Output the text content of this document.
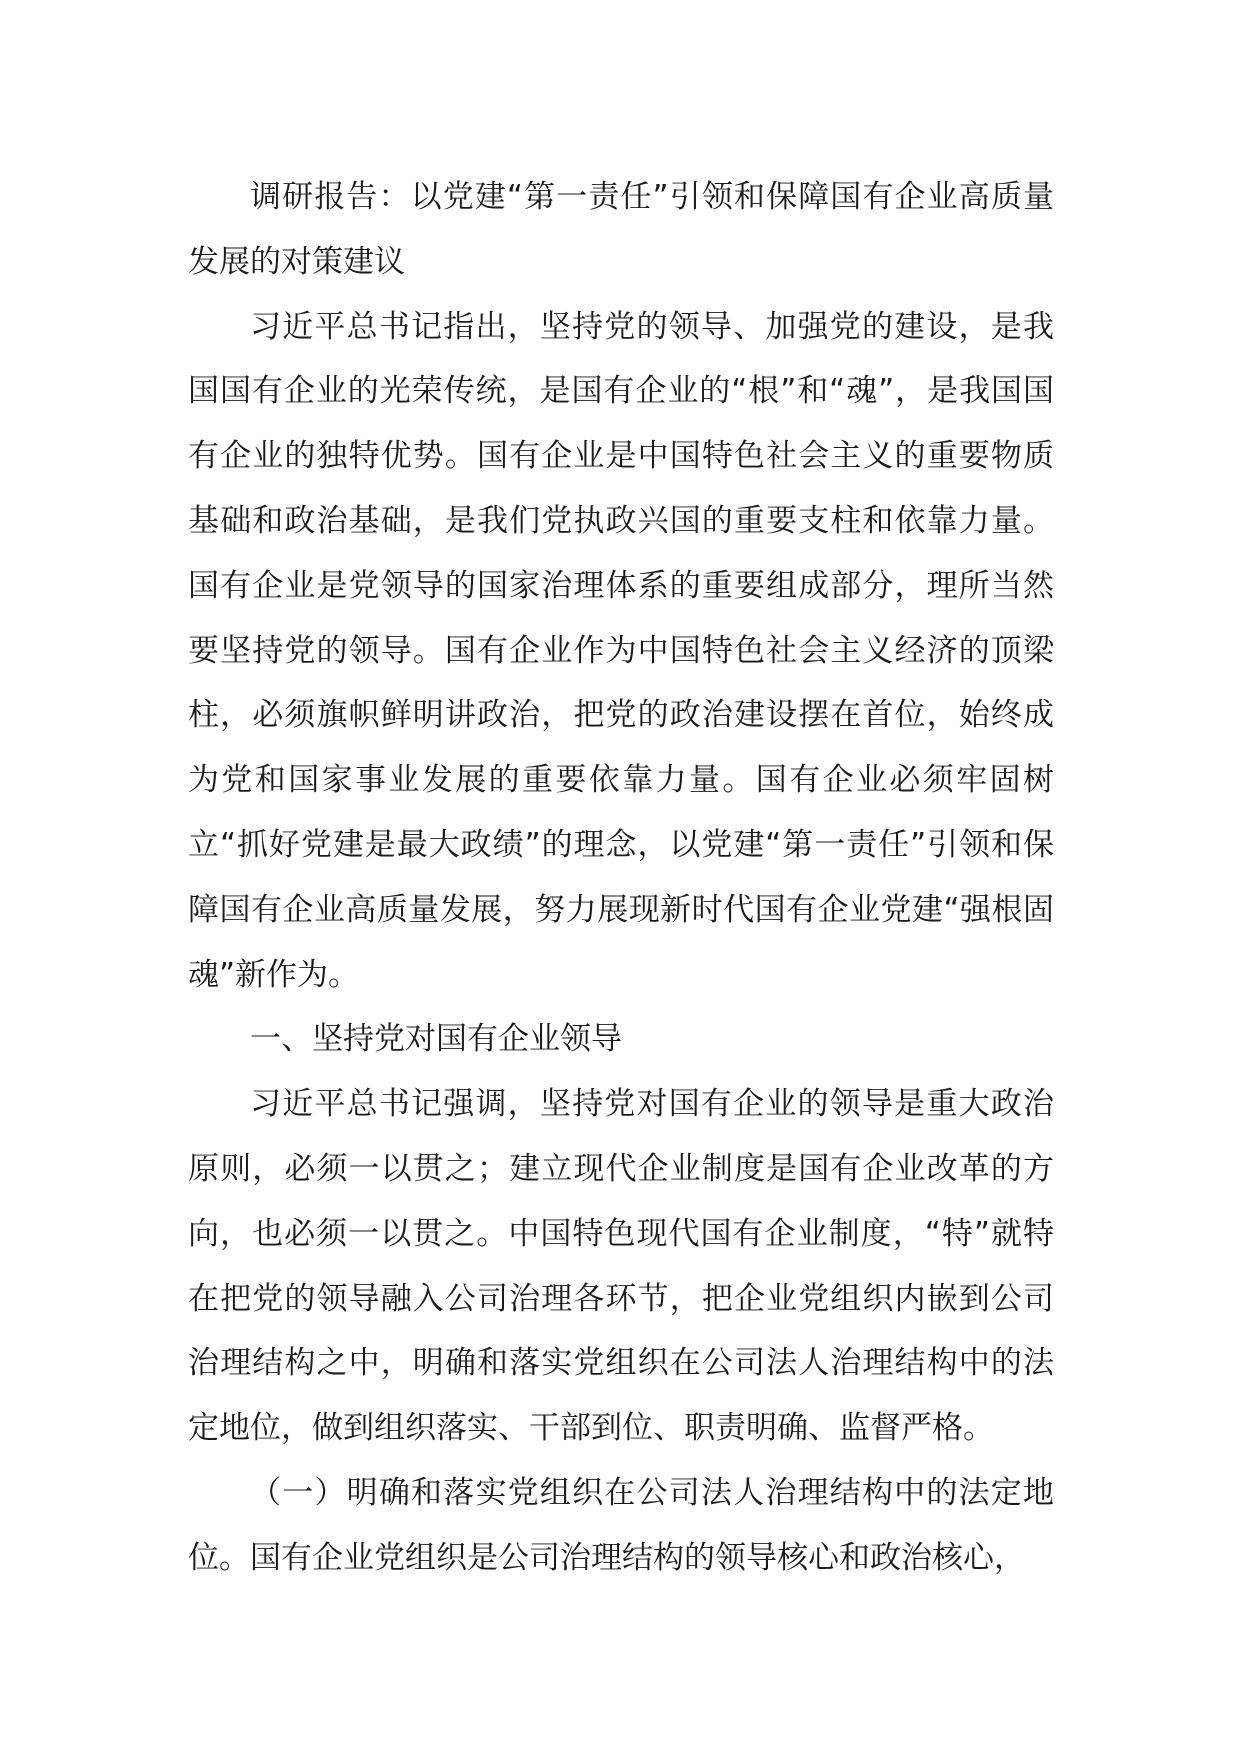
调研报告：以党建“第一责任”引领和保障国有企业高质量发展的对策建议

习近平总书记指出，坚持党的领导、加强党的建设，是我国国有企业的光荣传统，是国有企业的“根”和“魂”，是我国国有企业的独特优势。国有企业是中国特色社会主义的重要物质基础和政治基础，是我们党执政兴国的重要支柱和依靠力量。国有企业是党领导的国家治理体系的重要组成部分，理所当然要坚持党的领导。国有企业作为中国特色社会主义经济的顶梁柱，必须旗帜鲜明讲政治，把党的政治建设摆在首位，始终成为党和国家事业发展的重要依靠力量。国有企业必须牢固树立“抓好党建是最大政绩”的理念，以党建“第一责任”引领和保障国有企业高质量发展，努力展现新时代国有企业党建“强根固魂”新作为。

一、坚持党对国有企业领导

习近平总书记强调，坚持党对国有企业的领导是重大政治原则，必须一以贯之；建立现代企业制度是国有企业改革的方向，也必须一以贯之。中国特色现代国有企业制度，“特”就特在把党的领导融入公司治理各环节，把企业党组织内嵌到公司治理结构之中，明确和落实党组织在公司法人治理结构中的法定地位，做到组织落实、干部到位、职责明确、监督严格。

（一）明确和落实党组织在公司法人治理结构中的法定地位。国有企业党组织是公司治理结构的领导核心和政治核心，
